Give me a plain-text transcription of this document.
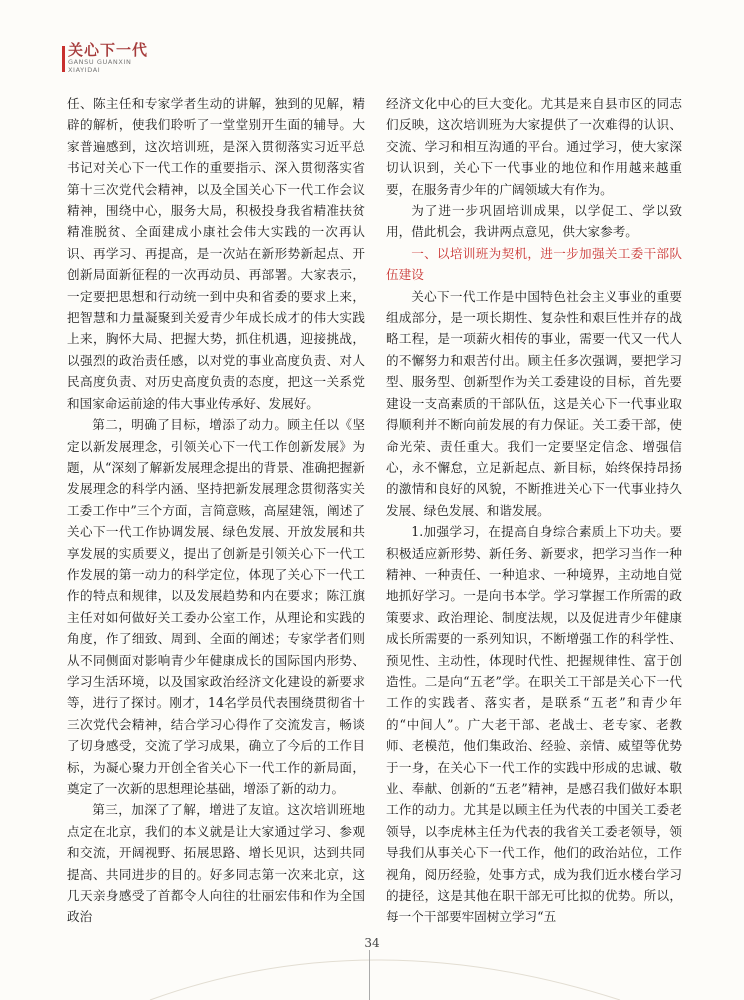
关心下一代
GANSU GUANXIN
XIAYIDAI

任、陈主任和专家学者生动的讲解，独到的见解，精辟的解析，使我们聆听了一堂堂别开生面的辅导。大家普遍感到，这次培训班，是深入贯彻落实习近平总书记对关心下一代工作的重要指示、深入贯彻落实省第十三次党代会精神，以及全国关心下一代工作会议精神，围绕中心，服务大局，积极投身我省精准扶贫精准脱贫、全面建成小康社会伟大实践的一次再认识、再学习、再提高，是一次站在新形势新起点、开创新局面新征程的一次再动员、再部署。大家表示，一定要把思想和行动统一到中央和省委的要求上来，把智慧和力量凝聚到关爱青少年成长成才的伟大实践上来，胸怀大局、把握大势，抓住机遇，迎接挑战，以强烈的政治责任感，以对党的事业高度负责、对人民高度负责、对历史高度负责的态度，把这一关系党和国家命运前途的伟大事业传承好、发展好。

第二，明确了目标，增添了动力。顾主任以《坚定以新发展理念，引领关心下一代工作创新发展》为题，从“深刻了解新发展理念提出的背景、准确把握新发展理念的科学内涵、坚持把新发展理念贯彻落实关工委工作中”三个方面，言简意赅，高屋建瓴，阐述了关心下一代工作协调发展、绿色发展、开放发展和共享发展的实质要义，提出了创新是引领关心下一代工作发展的第一动力的科学定位，体现了关心下一代工作的特点和规律，以及发展趋势和内在要求；陈江旗主任对如何做好关工委办公室工作，从理论和实践的角度，作了细致、周到、全面的阐述；专家学者们则从不同侧面对影响青少年健康成长的国际国内形势、学习生活环境，以及国家政治经济文化建设的新要求等，进行了探讨。刚才，14名学员代表围绕贯彻省十三次党代会精神，结合学习心得作了交流发言，畅谈了切身感受，交流了学习成果，确立了今后的工作目标，为凝心聚力开创全省关心下一代工作的新局面，奠定了一次新的思想理论基础，增添了新的动力。

第三，加深了了解，增进了友谊。这次培训班地点定在北京，我们的本义就是让大家通过学习、参观和交流，开阔视野、拓展思路、增长见识，达到共同提高、共同进步的目的。好多同志第一次来北京，这几天亲身感受了首都令人向往的壮丽宏伟和作为全国政治

经济文化中心的巨大变化。尤其是来自县市区的同志们反映，这次培训班为大家提供了一次难得的认识、交流、学习和相互沟通的平台。通过学习，使大家深切认识到，关心下一代事业的地位和作用越来越重要，在服务青少年的广阔领域大有作为。

为了进一步巩固培训成果，以学促工、学以致用，借此机会，我讲两点意见，供大家参考。

一、以培训班为契机，进一步加强关工委干部队伍建设

关心下一代工作是中国特色社会主义事业的重要组成部分，是一项长期性、复杂性和艰巨性并存的战略工程，是一项薪火相传的事业，需要一代又一代人的不懈努力和艰苦付出。顾主任多次强调，要把学习型、服务型、创新型作为关工委建设的目标，首先要建设一支高素质的干部队伍，这是关心下一代事业取得顺利并不断向前发展的有力保证。关工委干部，使命光荣、责任重大。我们一定要坚定信念、增强信心，永不懈怠，立足新起点、新目标，始终保持昂扬的激情和良好的风貌，不断推进关心下一代事业持久发展、绿色发展、和谐发展。

1.加强学习，在提高自身综合素质上下功夫。要积极适应新形势、新任务、新要求，把学习当作一种精神、一种责任、一种追求、一种境界，主动地自觉地抓好学习。一是向书本学。学习掌握工作所需的政策要求、政治理论、制度法规，以及促进青少年健康成长所需要的一系列知识，不断增强工作的科学性、预见性、主动性，体现时代性、把握规律性、富于创造性。二是向“五老”学。在职关工干部是关心下一代工作的实践者、落实者，是联系“五老”和青少年的“中间人”。广大老干部、老战士、老专家、老教师、老模范，他们集政治、经验、亲情、威望等优势于一身，在关心下一代工作的实践中形成的忠诚、敬业、奉献、创新的“五老”精神，是感召我们做好本职工作的动力。尤其是以顾主任为代表的中国关工委老领导，以李虎林主任为代表的我省关工委老领导，领导我们从事关心下一代工作，他们的政治站位，工作视角，阅历经验，处事方式，成为我们近水楼台学习的捷径，这是其他在职干部无可比拟的优势。所以，每一个干部要牢固树立学习“五

34
